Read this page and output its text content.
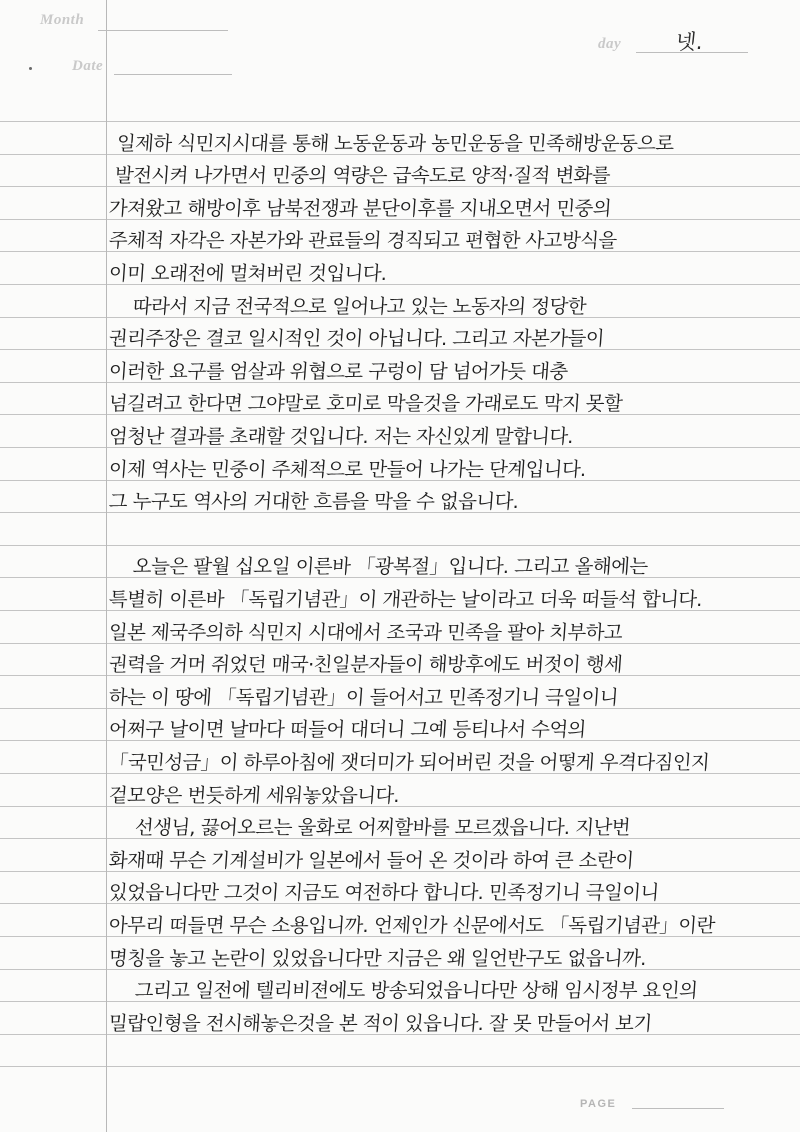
Month
Date
day	넷.
일제하 식민지시대를 통해 노동운동과 농민운동을 민족해방운동으로
발전시켜 나가면서 민중의 역량은 급속도로 양적·질적 변화를
가져왔고 해방이후 남북전쟁과 분단이후를 지내오면서 민중의
주체적 자각은 자본가와 관료들의 경직되고 편협한 사고방식을
이미 오래전에 멀쳐버린 것입니다.
따라서 지금 전국적으로 일어나고 있는 노동자의 정당한
권리주장은 결코 일시적인 것이 아닙니다. 그리고 자본가들이
이러한 요구를 엄살과 위협으로 구렁이 담 넘어가듯 대충
넘길려고 한다면 그야말로 호미로 막을것을 가래로도 막지 못할
엄청난 결과를 초래할 것입니다. 저는 자신있게 말합니다.
이제 역사는 민중이 주체적으로 만들어 나가는 단계입니다.
그 누구도 역사의 거대한 흐름을 막을 수 없읍니다.
오늘은 팔월 십오일 이른바 「광복절」입니다. 그리고 올해에는
특별히 이른바 「독립기념관」이 개관하는 날이라고 더욱 떠들석 합니다.
일본 제국주의하 식민지 시대에서 조국과 민족을 팔아 치부하고
권력을 거머 쥐었던 매국·친일분자들이 해방후에도 버젓이 행세
하는 이 땅에 「독립기념관」이 들어서고 민족정기니 극일이니
어쩌구 날이면 날마다 떠들어 대더니 그예 등티나서 수억의
「국민성금」이 하루아침에 잿더미가 되어버린 것을 어떻게 우격다짐인지
겉모양은 번듯하게 세워놓았읍니다.
선생님, 끓어오르는 울화로 어찌할바를 모르겠읍니다. 지난번
화재때 무슨 기계설비가 일본에서 들어 온 것이라 하여 큰 소란이
있었읍니다만 그것이 지금도 여전하다 합니다. 민족정기니 극일이니
아무리 떠들면 무슨 소용입니까. 언제인가 신문에서도 「독립기념관」이란
명칭을 놓고 논란이 있었읍니다만 지금은 왜 일언반구도 없읍니까.
그리고 일전에 텔리비젼에도 방송되었읍니다만 상해 임시정부 요인의
밀랍인형을 전시해놓은것을 본 적이 있읍니다. 잘 못 만들어서 보기
PAGE
